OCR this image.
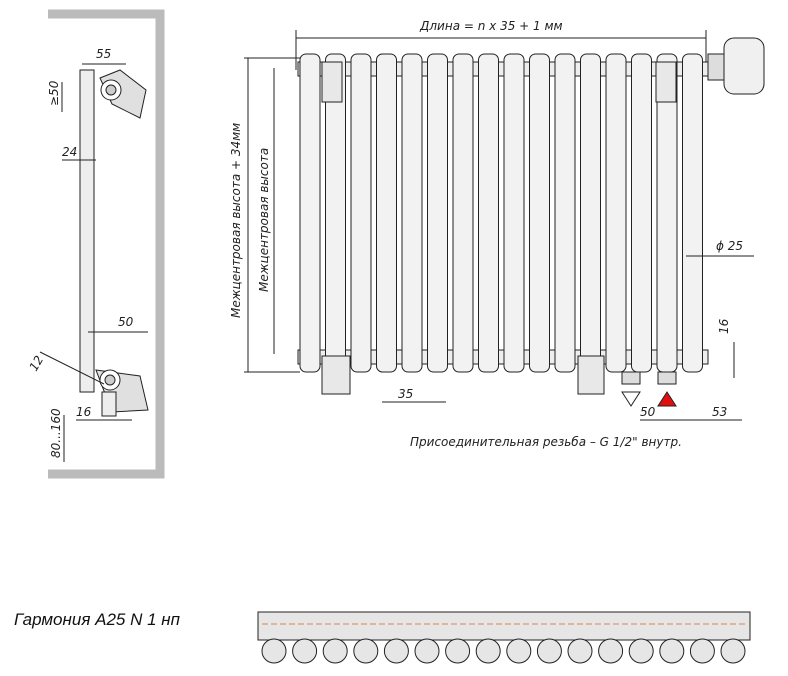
55
≥50
24
50
12
16
80...160
Длина = n x 35 + 1 мм
Межцентровая высота + 34мм Межцентровая высота
35
ϕ 25
16
50	53
Присоединительная резьба – G 1/2" внутр.
Гармония A25 N 1 нп
